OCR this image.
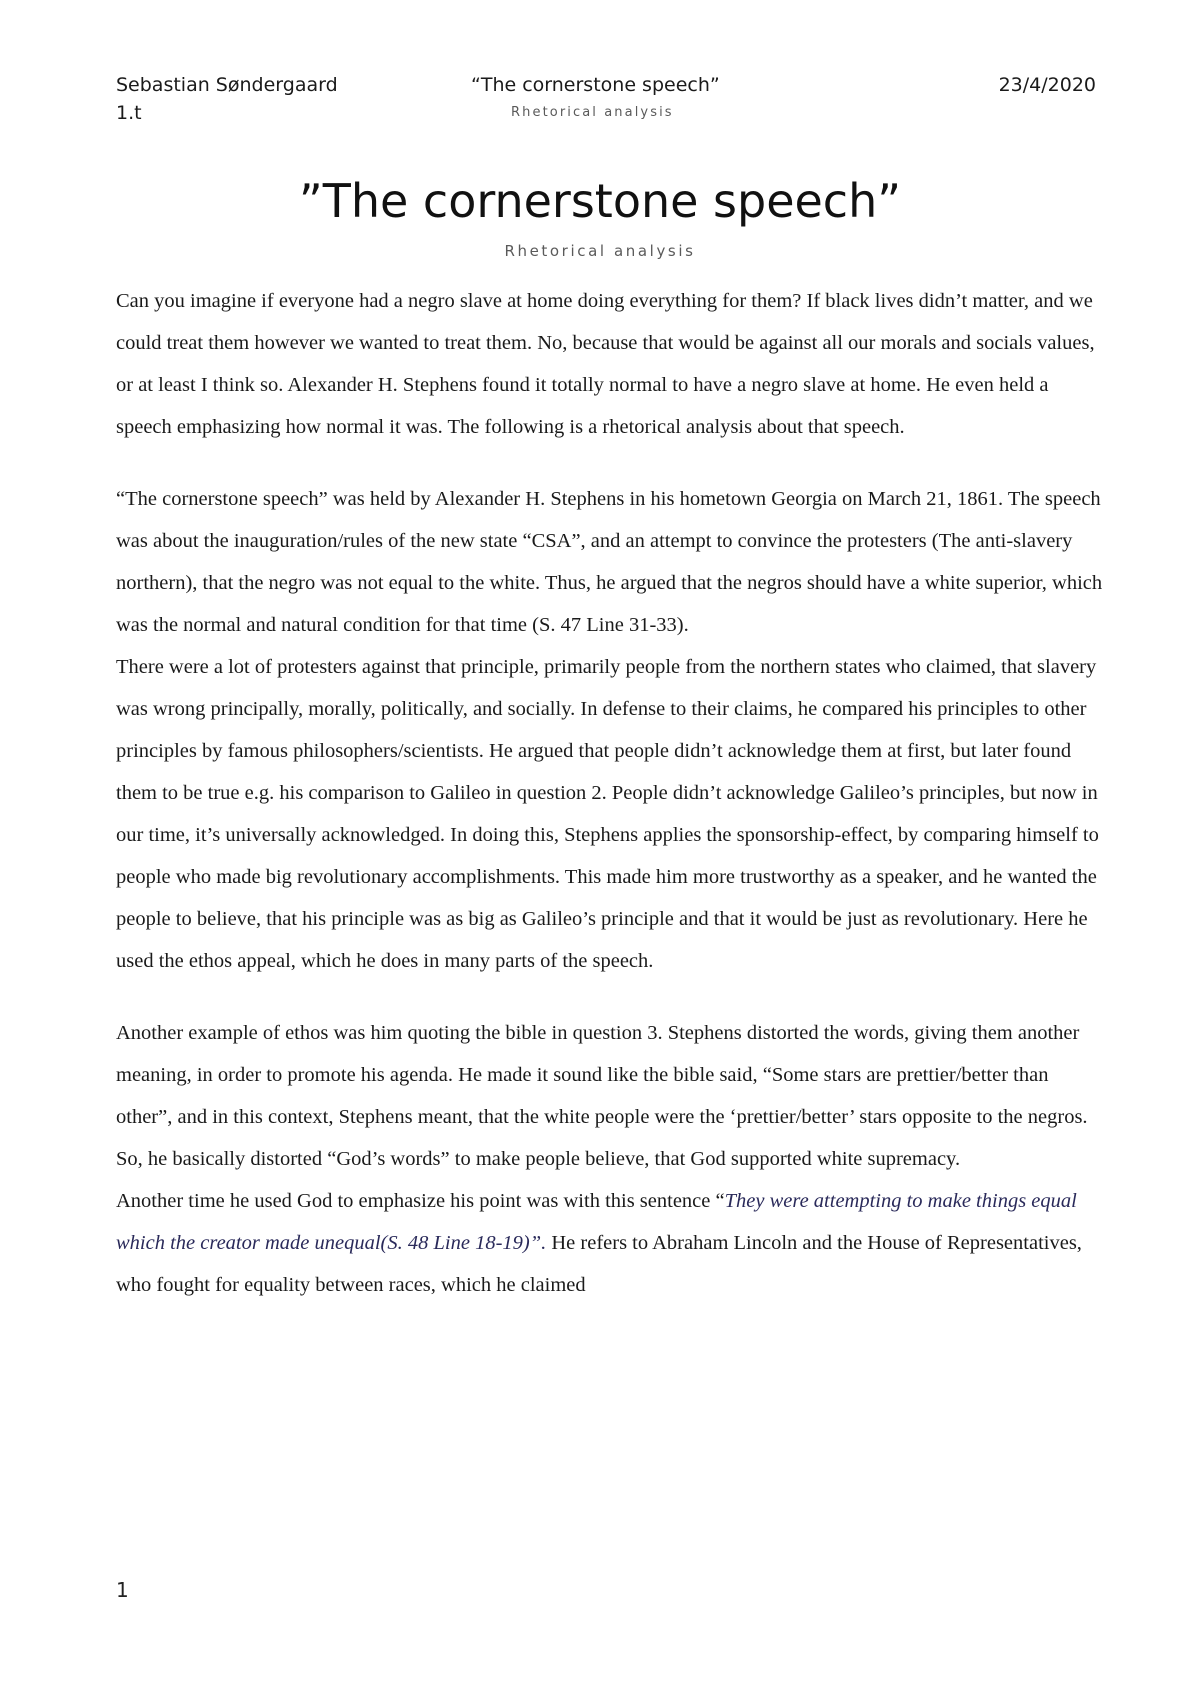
Sebastian Søndergaard
1.t
“The cornerstone speech”
Rhetorical analysis
23/4/2020
”The cornerstone speech”
Rhetorical analysis

Can you imagine if everyone had a negro slave at home doing everything for them? If black lives didn’t matter, and we could treat them however we wanted to treat them. No, because that would be against all our morals and socials values, or at least I think so. Alexander H. Stephens found it totally normal to have a negro slave at home. He even held a speech emphasizing how normal it was. The following is a rhetorical analysis about that speech.

“The cornerstone speech” was held by Alexander H. Stephens in his hometown Georgia on March 21, 1861. The speech was about the inauguration/rules of the new state “CSA”, and an attempt to convince the protesters (The anti-slavery northern), that the negro was not equal to the white. Thus, he argued that the negros should have a white superior, which was the normal and natural condition for that time (S. 47 Line 31-33).

There were a lot of protesters against that principle, primarily people from the northern states who claimed, that slavery was wrong principally, morally, politically, and socially. In defense to their claims, he compared his principles to other principles by famous philosophers/scientists. He argued that people didn’t acknowledge them at first, but later found them to be true e.g. his comparison to Galileo in question 2. People didn’t acknowledge Galileo’s principles, but now in our time, it’s universally acknowledged. In doing this, Stephens applies the sponsorship-effect, by comparing himself to people who made big revolutionary accomplishments. This made him more trustworthy as a speaker, and he wanted the people to believe, that his principle was as big as Galileo’s principle and that it would be just as revolutionary. Here he used the ethos appeal, which he does in many parts of the speech.

Another example of ethos was him quoting the bible in question 3. Stephens distorted the words, giving them another meaning, in order to promote his agenda. He made it sound like the bible said, “Some stars are prettier/better than other”, and in this context, Stephens meant, that the white people were the ‘prettier/better’ stars opposite to the negros. So, he basically distorted “God’s words” to make people believe, that God supported white supremacy.

Another time he used God to emphasize his point was with this sentence “They were attempting to make things equal which the creator made unequal(S. 48 Line 18-19)”. He refers to Abraham Lincoln and the House of Representatives, who fought for equality between races, which he claimed

1
